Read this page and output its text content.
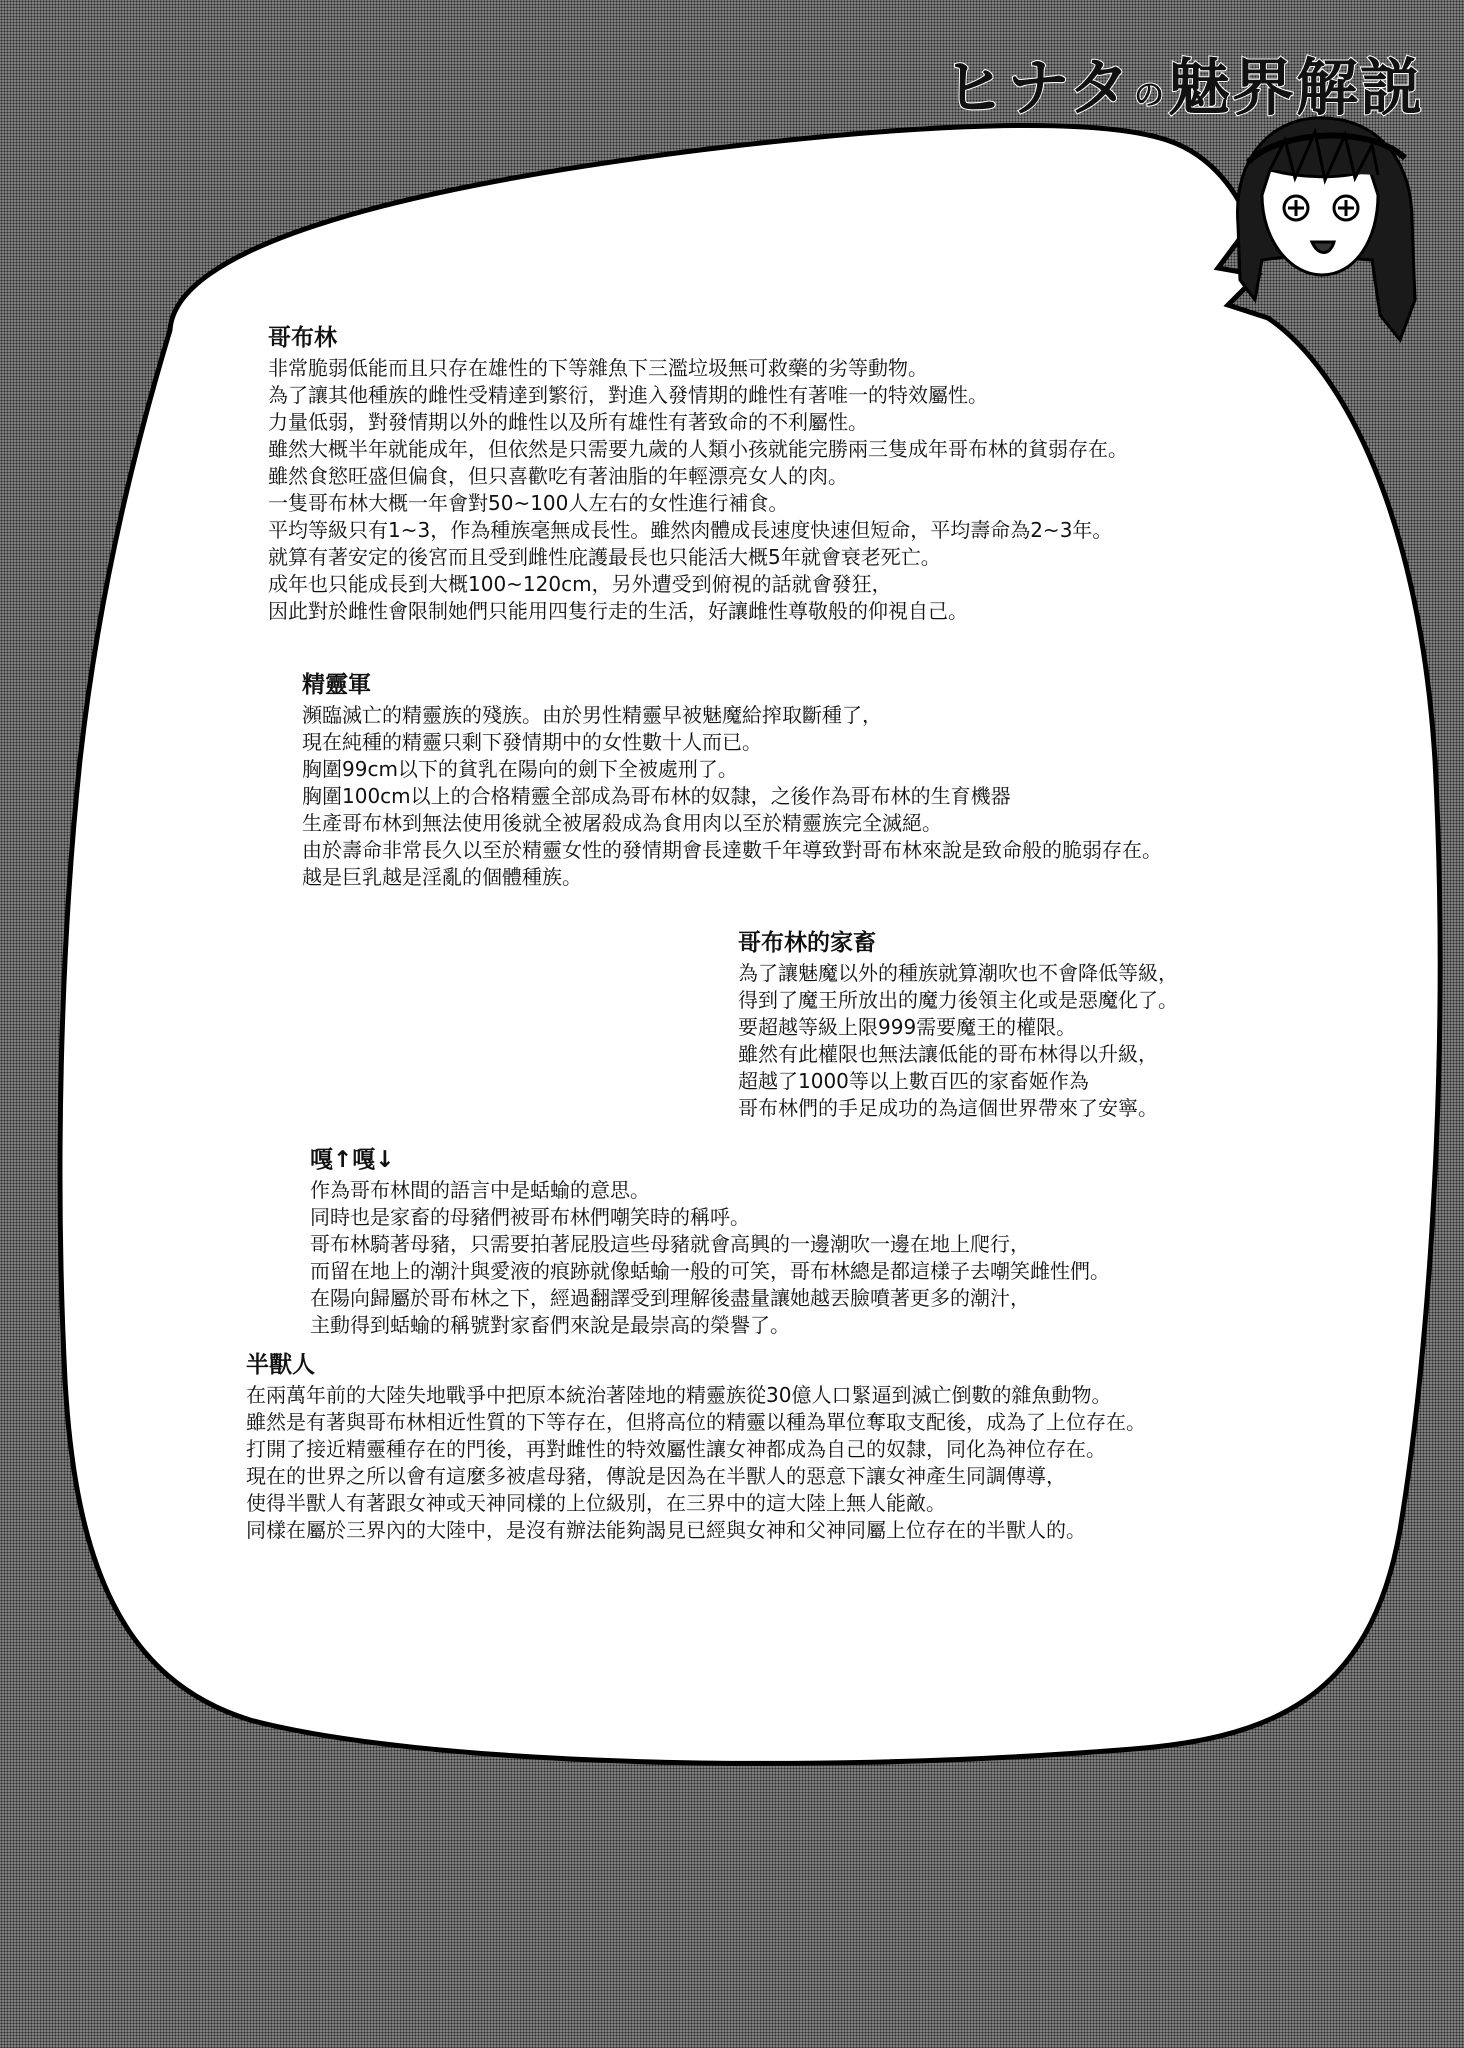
ヒナタの魅界解説
哥布林
非常脆弱低能而且只存在雄性的下等雜魚下三濫垃圾無可救藥的劣等動物。
為了讓其他種族的雌性受精達到繁衍，對進入發情期的雌性有著唯一的特效屬性。
力量低弱，對發情期以外的雌性以及所有雄性有著致命的不利屬性。
雖然大概半年就能成年，但依然是只需要九歲的人類小孩就能完勝兩三隻成年哥布林的貧弱存在。
雖然食慾旺盛但偏食，但只喜歡吃有著油脂的年輕漂亮女人的肉。
一隻哥布林大概一年會對50~100人左右的女性進行補食。
平均等級只有1~3，作為種族毫無成長性。雖然肉體成長速度快速但短命，平均壽命為2~3年。
就算有著安定的後宮而且受到雌性庇護最長也只能活大概5年就會衰老死亡。
成年也只能成長到大概100~120cm，另外遭受到俯視的話就會發狂，
因此對於雌性會限制她們只能用四隻行走的生活，好讓雌性尊敬般的仰視自己。
精靈軍
瀕臨滅亡的精靈族的殘族。由於男性精靈早被魅魔給搾取斷種了，
現在純種的精靈只剩下發情期中的女性數十人而已。
胸圍99cm以下的貧乳在陽向的劍下全被處刑了。
胸圍100cm以上的合格精靈全部成為哥布林的奴隸，之後作為哥布林的生育機器
生產哥布林到無法使用後就全被屠殺成為食用肉以至於精靈族完全滅絕。
由於壽命非常長久以至於精靈女性的發情期會長達數千年導致對哥布林來說是致命般的脆弱存在。
越是巨乳越是淫亂的個體種族。
哥布林的家畜
為了讓魅魔以外的種族就算潮吹也不會降低等級，
得到了魔王所放出的魔力後領主化或是惡魔化了。
要超越等級上限999需要魔王的權限。
雖然有此權限也無法讓低能的哥布林得以升級，
超越了1000等以上數百匹的家畜姬作為
哥布林們的手足成功的為這個世界帶來了安寧。
嘎↑嘎↓
作為哥布林間的語言中是蛞蝓的意思。
同時也是家畜的母豬們被哥布林們嘲笑時的稱呼。
哥布林騎著母豬，只需要拍著屁股這些母豬就會高興的一邊潮吹一邊在地上爬行，
而留在地上的潮汁與愛液的痕跡就像蛞蝓一般的可笑，哥布林總是都這樣子去嘲笑雌性們。
在陽向歸屬於哥布林之下，經過翻譯受到理解後盡量讓她越丟臉噴著更多的潮汁，
主動得到蛞蝓的稱號對家畜們來說是最崇高的榮譽了。
半獸人
在兩萬年前的大陸失地戰爭中把原本統治著陸地的精靈族從30億人口緊逼到滅亡倒數的雜魚動物。
雖然是有著與哥布林相近性質的下等存在，但將高位的精靈以種為單位奪取支配後，成為了上位存在。
打開了接近精靈種存在的門後，再對雌性的特效屬性讓女神都成為自己的奴隸，同化為神位存在。
現在的世界之所以會有這麼多被虐母豬，傳說是因為在半獸人的惡意下讓女神產生同調傳導，
使得半獸人有著跟女神或天神同樣的上位級別，在三界中的這大陸上無人能敵。
同樣在屬於三界內的大陸中，是沒有辦法能夠謁見已經與女神和父神同屬上位存在的半獸人的。
